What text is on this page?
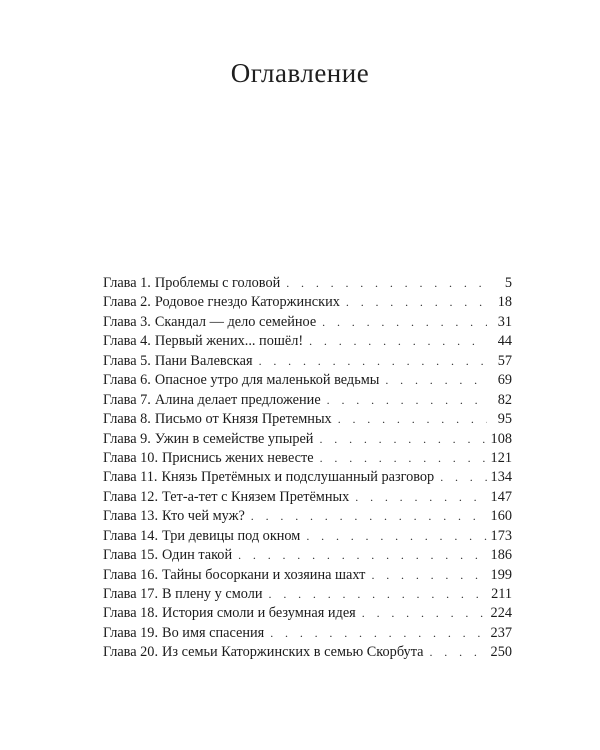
Оглавление
Глава 1. Проблемы с головой . . .	5
Глава 2. Родовое гнездо Каторжинских . . .	18
Глава 3. Скандал — дело семейное . . .	31
Глава 4. Первый жених... пошёл! . . .	44
Глава 5. Пани Валевская . . .	57
Глава 6. Опасное утро для маленькой ведьмы . . .	69
Глава 7. Алина делает предложение . . .	82
Глава 8. Письмо от Князя Претемных . . .	95
Глава 9. Ужин в семействе упырей . . .	108
Глава 10. Приснись жених невесте . . .	121
Глава 11. Князь Претёмных и подслушанный разговор . . .	134
Глава 12. Тет-а-тет с Князем Претёмных . . .	147
Глава 13. Кто чей муж? . . .	160
Глава 14. Три девицы под окном . . .	173
Глава 15. Один такой . . .	186
Глава 16. Тайны босоркани и хозяина шахт . . .	199
Глава 17. В плену у смоли . . .	211
Глава 18. История смоли и безумная идея . . .	224
Глава 19. Во имя спасения . . .	237
Глава 20. Из семьи Каторжинских в семью Скорбута . . .	250
